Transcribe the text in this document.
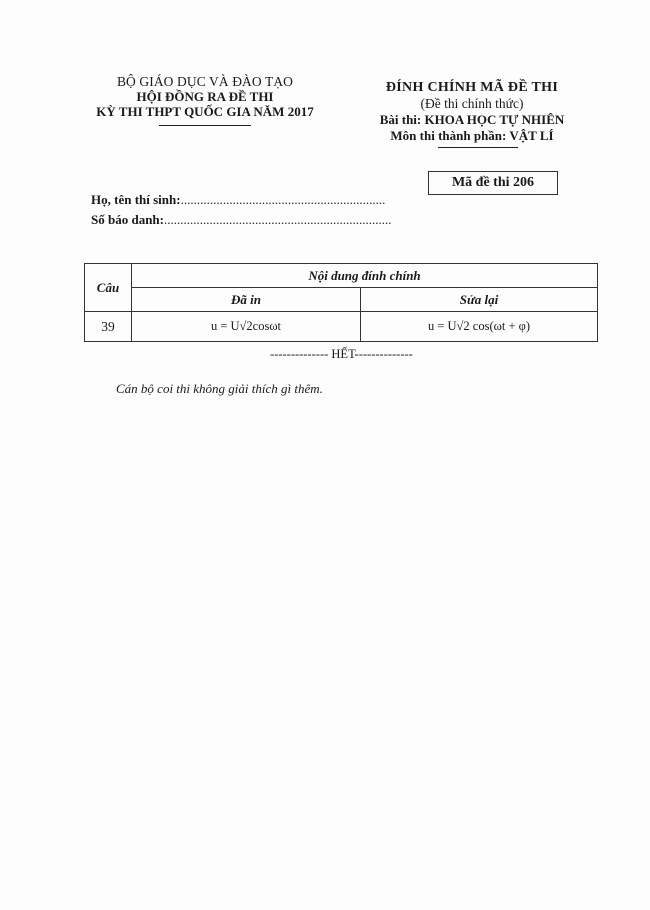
BỘ GIÁO DỤC VÀ ĐÀO TẠO
HỘI ĐỒNG RA ĐỀ THI
KỲ THI THPT QUỐC GIA NĂM 2017
ĐÍNH CHÍNH MÃ ĐỀ THI
(Đề thi chính thức)
Bài thi: KHOA HỌC TỰ NHIÊN
Môn thi thành phần: VẬT LÍ
Mã đề thi 206
Họ, tên thí sinh:...............................................................
Số báo danh:......................................................................
Câu	Nội dung đính chính	
	Đã in	Sửa lại
39	u = U√2cosωt	u = U√2 cos(ωt + φ)
-------------- HẾT--------------
Cán bộ coi thi không giải thích gì thêm.
